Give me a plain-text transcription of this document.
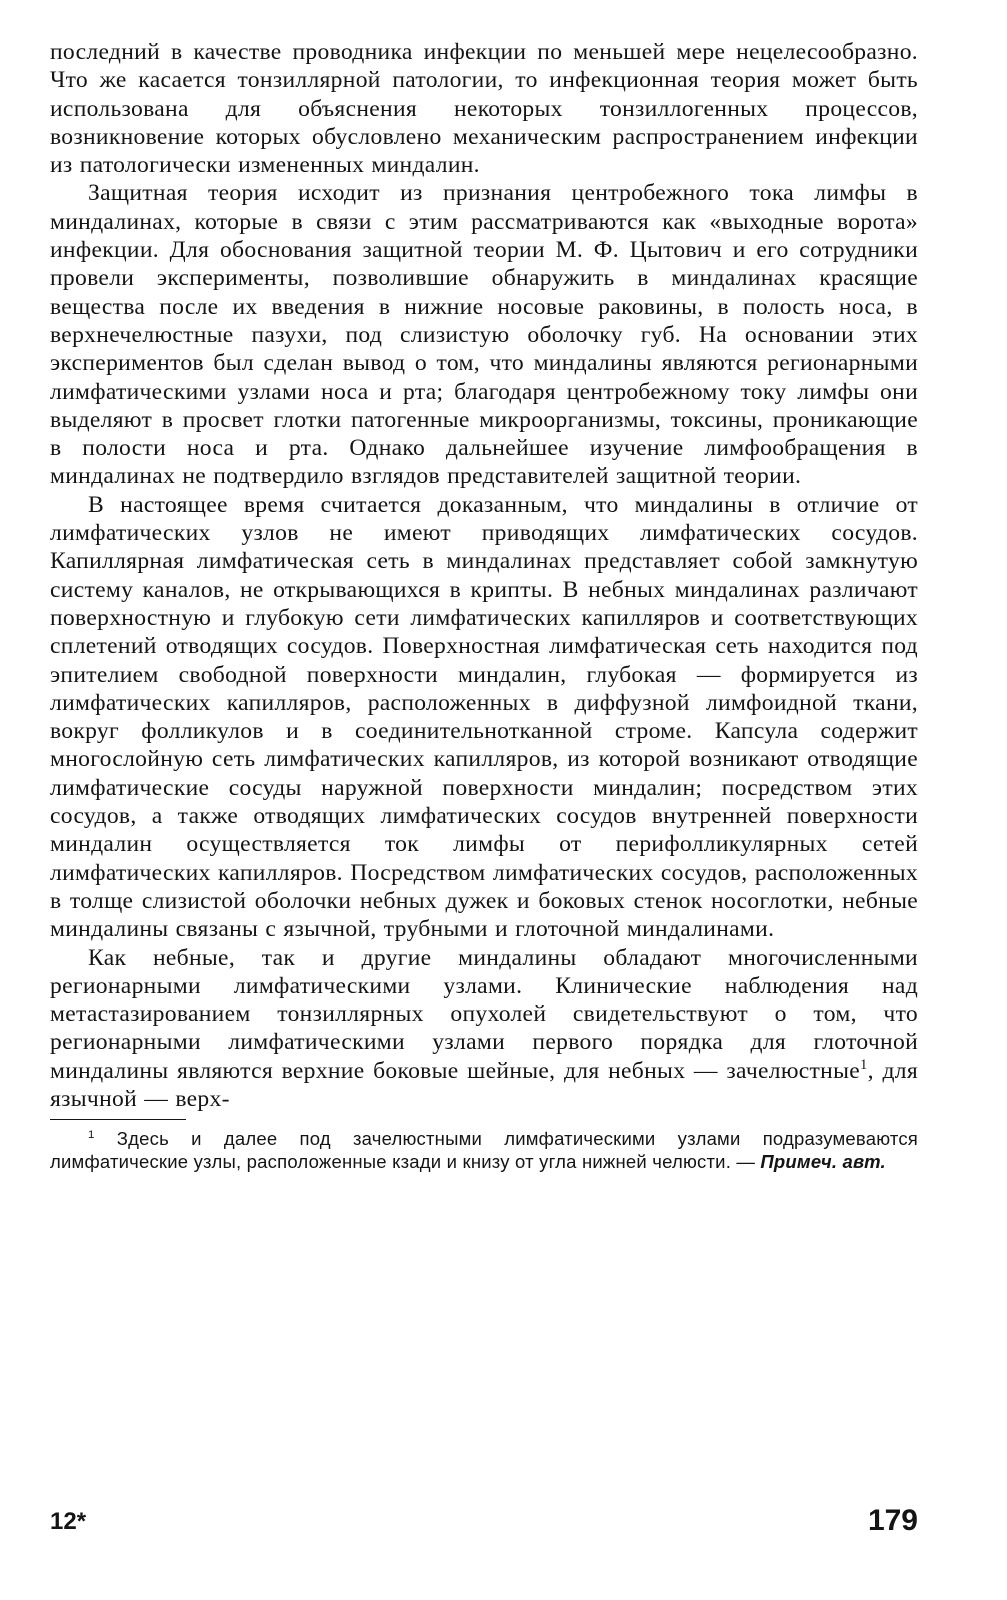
последний в качестве проводника инфекции по меньшей мере нецелесообразно. Что же касается тонзиллярной патологии, то инфекционная теория может быть использована для объяснения некоторых тонзиллогенных процессов, возникновение которых обусловлено механическим распространением инфекции из патологически измененных миндалин.

Защитная теория исходит из признания центробежного тока лимфы в миндалинах, которые в связи с этим рассматриваются как «выходные ворота» инфекции. Для обоснования защитной теории М. Ф. Цытович и его сотрудники провели эксперименты, позволившие обнаружить в миндалинах красящие вещества после их введения в нижние носовые раковины, в полость носа, в верхнечелюстные пазухи, под слизистую оболочку губ. На основании этих экспериментов был сделан вывод о том, что миндалины являются регионарными лимфатическими узлами носа и рта; благодаря центробежному току лимфы они выделяют в просвет глотки патогенные микроорганизмы, токсины, проникающие в полости носа и рта. Однако дальнейшее изучение лимфообращения в миндалинах не подтвердило взглядов представителей защитной теории.

В настоящее время считается доказанным, что миндалины в отличие от лимфатических узлов не имеют приводящих лимфатических сосудов. Капиллярная лимфатическая сеть в миндалинах представляет собой замкнутую систему каналов, не открывающихся в крипты. В небных миндалинах различают поверхностную и глубокую сети лимфатических капилляров и соответствующих сплетений отводящих сосудов. Поверхностная лимфатическая сеть находится под эпителием свободной поверхности миндалин, глубокая — формируется из лимфатических капилляров, расположенных в диффузной лимфоидной ткани, вокруг фолликулов и в соединительнотканной строме. Капсула содержит многослойную сеть лимфатических капилляров, из которой возникают отводящие лимфатические сосуды наружной поверхности миндалин; посредством этих сосудов, а также отводящих лимфатических сосудов внутренней поверхности миндалин осуществляется ток лимфы от перифолликулярных сетей лимфатических капилляров. Посредством лимфатических сосудов, расположенных в толще слизистой оболочки небных дужек и боковых стенок носоглотки, небные миндалины связаны с язычной, трубными и глоточной миндалинами.

Как небные, так и другие миндалины обладают многочисленными регионарными лимфатическими узлами. Клинические наблюдения над метастазированием тонзиллярных опухолей свидетельствуют о том, что регионарными лимфатическими узлами первого порядка для глоточной миндалины являются верхние боковые шейные, для небных — зачелюстные$^1$, для язычной — верх-

$^1$ Здесь и далее под зачелюстными лимфатическими узлами подразумеваются лимфатические узлы, расположенные кзади и книзу от угла нижней челюсти. — Примеч. авт.

12*	179
